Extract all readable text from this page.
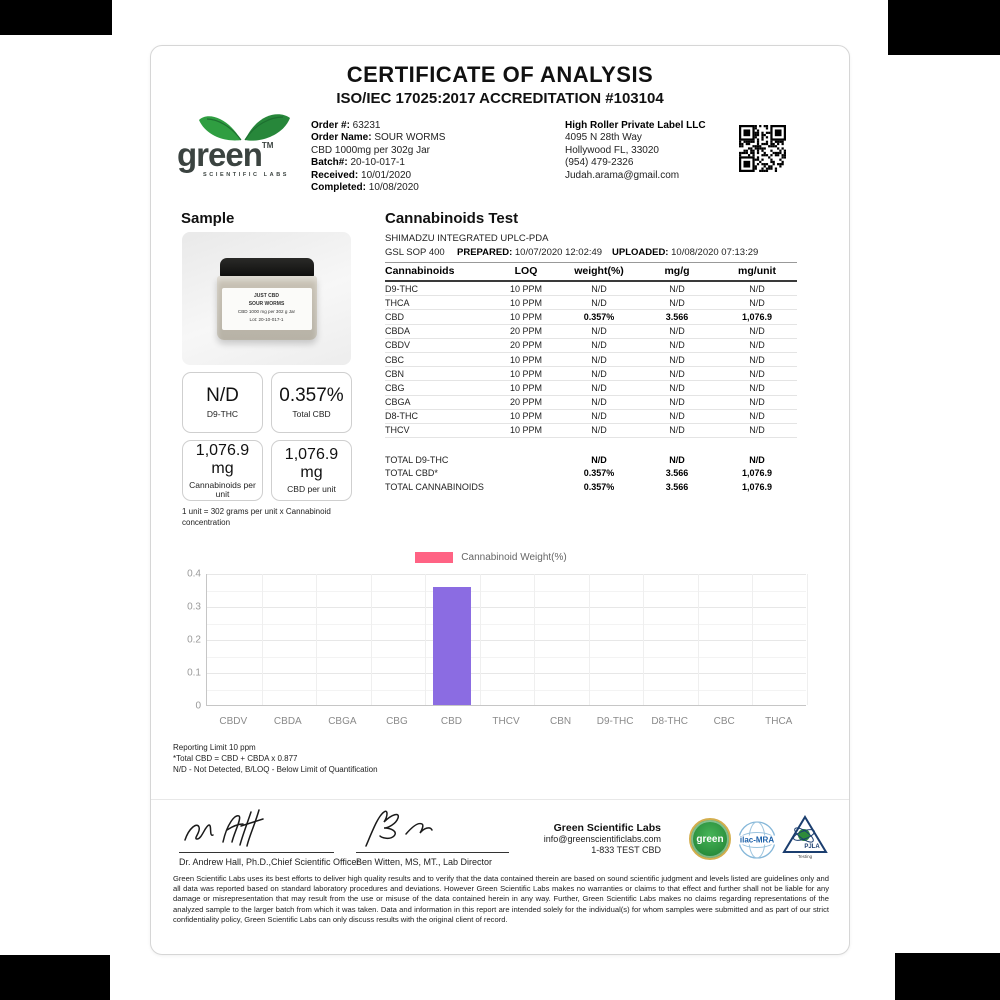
CERTIFICATE OF ANALYSIS
ISO/IEC 17025:2017 ACCREDITATION #103104
green™
SCIENTIFIC LABS
Order #: 63231
Order Name: SOUR WORMS
CBD 1000mg per 302g Jar
Batch#: 20-10-017-1
Received: 10/01/2020
Completed: 10/08/2020
High Roller Private Label LLC
4095 N 28th Way
Hollywood FL, 33020
(954) 479-2326
Judah.arama@gmail.com
Sample
JUST CBD
SOUR WORMS
CBD 1000 mg per 302 g Jar
Lot: 20-10-017-1
N/D
D9-THC
0.357%
Total CBD
1,076.9 mg
Cannabinoids per unit
1,076.9 mg
CBD per unit
1 unit = 302 grams per unit x Cannabinoid concentration
Cannabinoids Test
SHIMADZU INTEGRATED UPLC-PDA
GSL SOP 400 PREPARED: 10/07/2020 12:02:49 UPLOADED: 10/08/2020 07:13:29
Cannabinoids	LOQ	weight(%)	mg/g	mg/unit
D9-THC	10 PPM	N/D	N/D	N/D
THCA	10 PPM	N/D	N/D	N/D
CBD	10 PPM	0.357%	3.566	1,076.9
CBDA	20 PPM	N/D	N/D	N/D
CBDV	20 PPM	N/D	N/D	N/D
CBC	10 PPM	N/D	N/D	N/D
CBN	10 PPM	N/D	N/D	N/D
CBG	10 PPM	N/D	N/D	N/D
CBGA	20 PPM	N/D	N/D	N/D
D8-THC	10 PPM	N/D	N/D	N/D
THCV	10 PPM	N/D	N/D	N/D
TOTAL D9-THC	N/D	N/D	N/D
TOTAL CBD*	0.357%	3.566	1,076.9
TOTAL CANNABINOIDS	0.357%	3.566	1,076.9
Cannabinoid Weight(%)
0
0.1
0.2
0.3
0.4
CBDV	CBDA	CBGA	CBG	CBD	THCV	CBN	D9-THC	D8-THC	CBC	THCA
Reporting Limit 10 ppm
*Total CBD = CBD + CBDA x 0.877
N/D - Not Detected, B/LOQ - Below Limit of Quantification
Dr. Andrew Hall, Ph.D.,Chief Scientific Officer
Ben Witten, MS, MT., Lab Director
Green Scientific Labs
info@greenscientificlabs.com
1-833 TEST CBD
green ilac-MRA
PJLA
Testing
Green Scientific Labs uses its best efforts to deliver high quality results and to verify that the data contained therein are based on sound scientific judgment and levels listed are guidelines only and all data was reported based on standard laboratory procedures and deviations. However Green Scientific Labs makes no warranties or claims to that effect and further shall not be liable for any damage or misrepresentation that may result from the use or misuse of the data contained herein in any way. Further, Green Scientific Labs makes no claims regarding representations of the analyzed sample to the larger batch from which it was taken. Data and information in this report are intended solely for the individual(s) for whom samples were submitted and as part of our strict confidentiality policy, Green Scientific Labs can only discuss results with the original client of record.
